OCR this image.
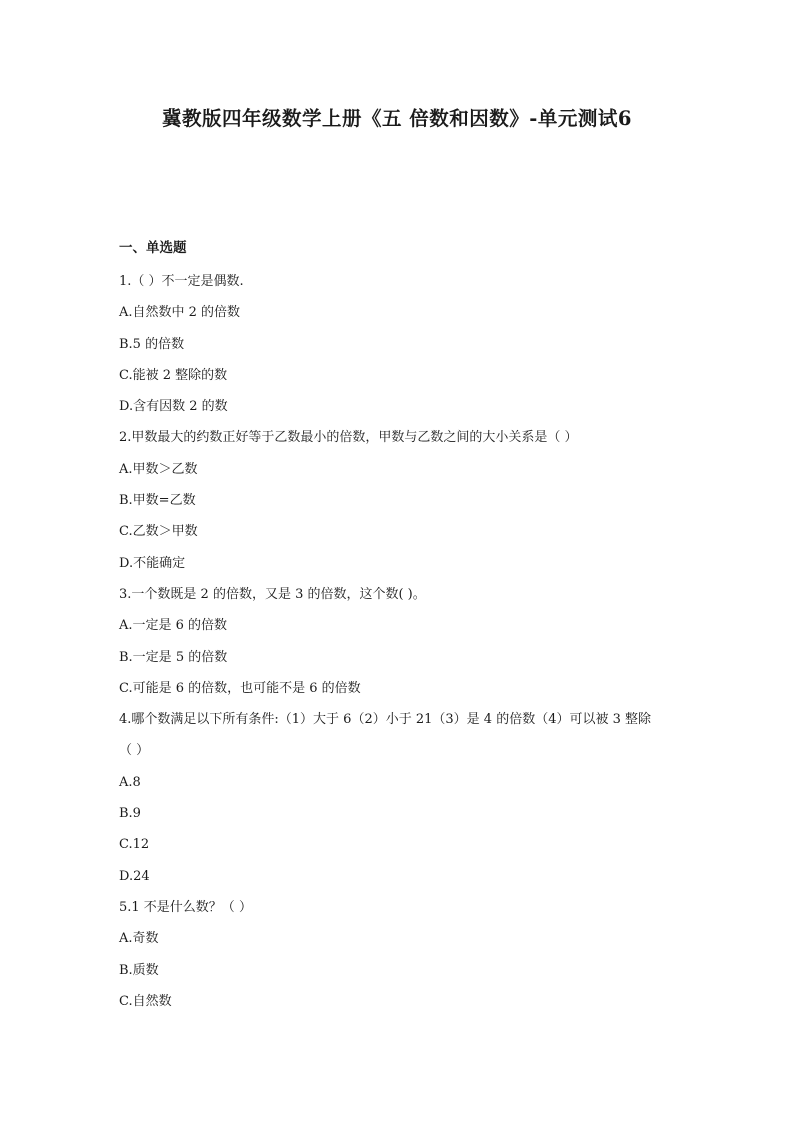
冀教版四年级数学上册《五 倍数和因数》-单元测试6
一、单选题
1.（ ）不一定是偶数.
A.自然数中 2 的倍数
B.5 的倍数
C.能被 2 整除的数
D.含有因数 2 的数
2.甲数最大的约数正好等于乙数最小的倍数，甲数与乙数之间的大小关系是（ ）
A.甲数＞乙数
B.甲数=乙数
C.乙数＞甲数
D.不能确定
3.一个数既是 2 的倍数，又是 3 的倍数，这个数( )。
A.一定是 6 的倍数
B.一定是 5 的倍数
C.可能是 6 的倍数，也可能不是 6 的倍数
4.哪个数满足以下所有条件:（1）大于 6（2）小于 21（3）是 4 的倍数（4）可以被 3 整除
（ ）
A.8
B.9
C.12
D.24
5.1 不是什么数？（ ）
A.奇数
B.质数
C.自然数
